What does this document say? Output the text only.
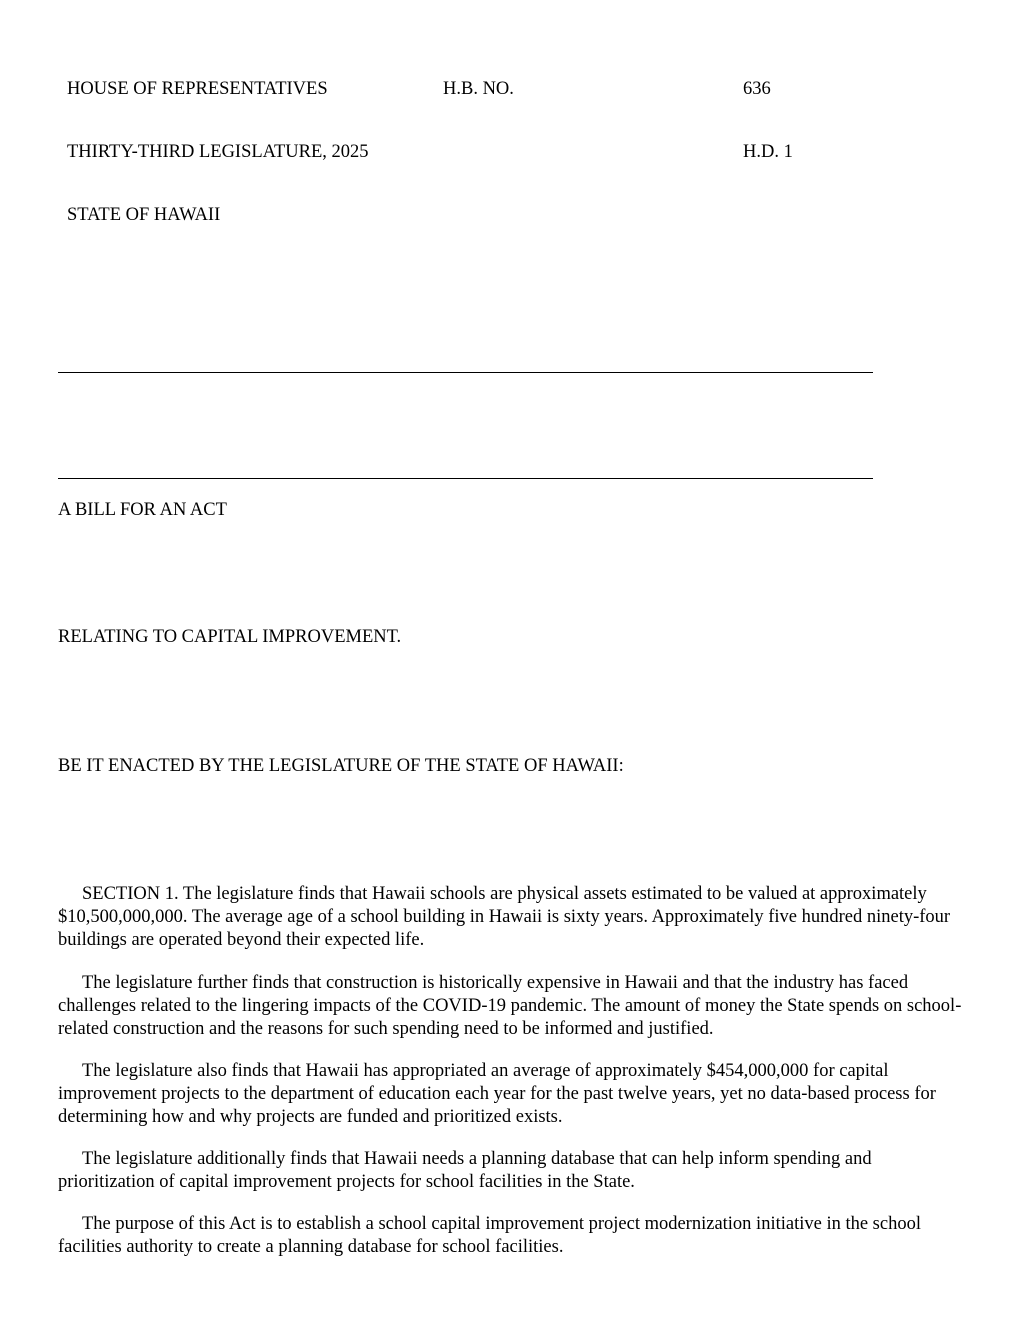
HOUSE OF REPRESENTATIVES	H.B. NO.	636
THIRTY-THIRD LEGISLATURE, 2025	H.D. 1
STATE OF HAWAII
A BILL FOR AN ACT
RELATING TO CAPITAL IMPROVEMENT.
BE IT ENACTED BY THE LEGISLATURE OF THE STATE OF HAWAII:

SECTION 1. The legislature finds that Hawaii schools are physical assets estimated to be valued at approximately $10,500,000,000. The average age of a school building in Hawaii is sixty years. Approximately five hundred ninety-four buildings are operated beyond their expected life.

The legislature further finds that construction is historically expensive in Hawaii and that the industry has faced challenges related to the lingering impacts of the COVID-19 pandemic. The amount of money the State spends on school-related construction and the reasons for such spending need to be informed and justified.

The legislature also finds that Hawaii has appropriated an average of approximately $454,000,000 for capital improvement projects to the department of education each year for the past twelve years, yet no data-based process for determining how and why projects are funded and prioritized exists.

The legislature additionally finds that Hawaii needs a planning database that can help inform spending and prioritization of capital improvement projects for school facilities in the State.

The purpose of this Act is to establish a school capital improvement project modernization initiative in the school facilities authority to create a planning database for school facilities.
